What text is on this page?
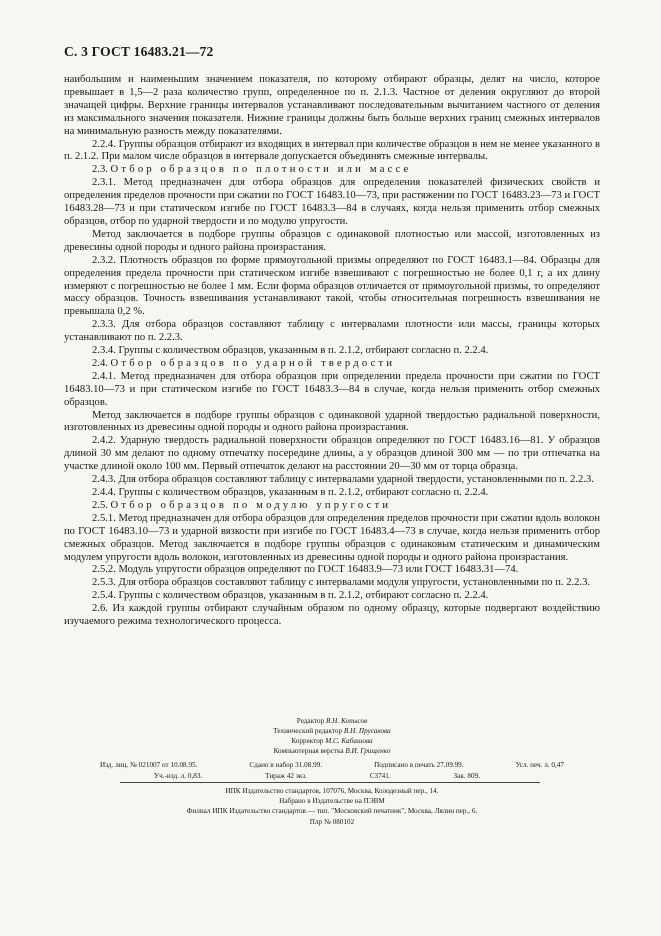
С. 3 ГОСТ 16483.21—72

наибольшим и наименьшим значением показателя, по которому отбирают образцы, делят на число, которое превышает в 1,5—2 раза количество групп, определенное по п. 2.1.3. Частное от деления округляют до второй значащей цифры. Верхние границы интервалов устанавливают последовательным вычитанием частного от деления из максимального значения показателя. Нижние границы должны быть больше верхних границ смежных интервалов на минимальную разность между показателями.

2.2.4. Группы образцов отбирают из входящих в интервал при количестве образцов в нем не менее указанного в п. 2.1.2. При малом числе образцов в интервале допускается объединять смежные интервалы.

2.3. Отбор образцов по плотности или массе

2.3.1. Метод предназначен для отбора образцов для определения показателей физических свойств и определения пределов прочности при сжатии по ГОСТ 16483.10—73, при растяжении по ГОСТ 16483.23—73 и ГОСТ 16483.28—73 и при статическом изгибе по ГОСТ 16483.3—84 в случаях, когда нельзя применить отбор смежных образцов, отбор по ударной твердости и по модулю упругости.

Метод заключается в подборе группы образцов с одинаковой плотностью или массой, изготовленных из древесины одной породы и одного района произрастания.

2.3.2. Плотность образцов по форме прямоугольной призмы определяют по ГОСТ 16483.1—84. Образцы для определения предела прочности при статическом изгибе взвешивают с погрешностью не более 0,1 г, а их длину измеряют с погрешностью не более 1 мм. Если форма образцов отличается от прямоугольной призмы, то определяют массу образцов. Точность взвешивания устанавливают такой, чтобы относительная погрешность взвешивания не превышала 0,2 %.

2.3.3. Для отбора образцов составляют таблицу с интервалами плотности или массы, границы которых устанавливают по п. 2.2.3.

2.3.4. Группы с количеством образцов, указанным в п. 2.1.2, отбирают согласно п. 2.2.4.

2.4. Отбор образцов по ударной твердости

2.4.1. Метод предназначен для отбора образцов при определении предела прочности при сжатии по ГОСТ 16483.10—73 и при статическом изгибе по ГОСТ 16483.3—84 в случае, когда нельзя применить отбор смежных образцов.

Метод заключается в подборе группы образцов с одинаковой ударной твердостью радиальной поверхности, изготовленных из древесины одной породы и одного района произрастания.

2.4.2. Ударную твердость радиальной поверхности образцов определяют по ГОСТ 16483.16—81. У образцов длиной 30 мм делают по одному отпечатку посередине длины, а у образцов длиной 300 мм — по три отпечатка на участке длиной около 100 мм. Первый отпечаток делают на расстоянии 20—30 мм от торца образца.

2.4.3. Для отбора образцов составляют таблицу с интервалами ударной твердости, установленными по п. 2.2.3.

2.4.4. Группы с количеством образцов, указанным в п. 2.1.2, отбирают согласно п. 2.2.4.

2.5. Отбор образцов по модулю упругости

2.5.1. Метод предназначен для отбора образцов для определения пределов прочности при сжатии вдоль волокон по ГОСТ 16483.10—73 и ударной вязкости при изгибе по ГОСТ 16483.4—73 в случае, когда нельзя применить отбор смежных образцов. Метод заключается в подборе группы образцов с одинаковым статическим и динамическим модулем упругости вдоль волокон, изготовленных из древесины одной породы и одного района произрастания.

2.5.2. Модуль упругости образцов определяют по ГОСТ 16483.9—73 или ГОСТ 16483.31—74.

2.5.3. Для отбора образцов составляют таблицу с интервалами модуля упругости, установленными по п. 2.2.3.

2.5.4. Группы с количеством образцов, указанным в п. 2.1.2, отбирают согласно п. 2.2.4.

2.6. Из каждой группы отбирают случайным образом по одному образцу, которые подвергают воздействию изучаемого режима технологического процесса.

Редактор В.Н. Копысов
Технический редактор В.Н. Прусакова
Корректор М.С. Кабашова
Компьютерная верстка В.И. Грищенко
Изд. лиц. № 021007 от 10.08.95.	Сдано в набор 31.08.99.	Подписано в печать 27.09.99.	Усл. печ. л. 0,47
Уч.-изд. л. 0,83.	Тираж 42 экз.	С3741.	Зак. 809.
ИПК Издательство стандартов, 107076, Москва, Колодезный пер., 14.
Набрано в Издательстве на ПЭВМ
Филиал ИПК Издательство стандартов — тип. "Московский печатник", Москва, Лялин пер., 6.
Плр № 080102
